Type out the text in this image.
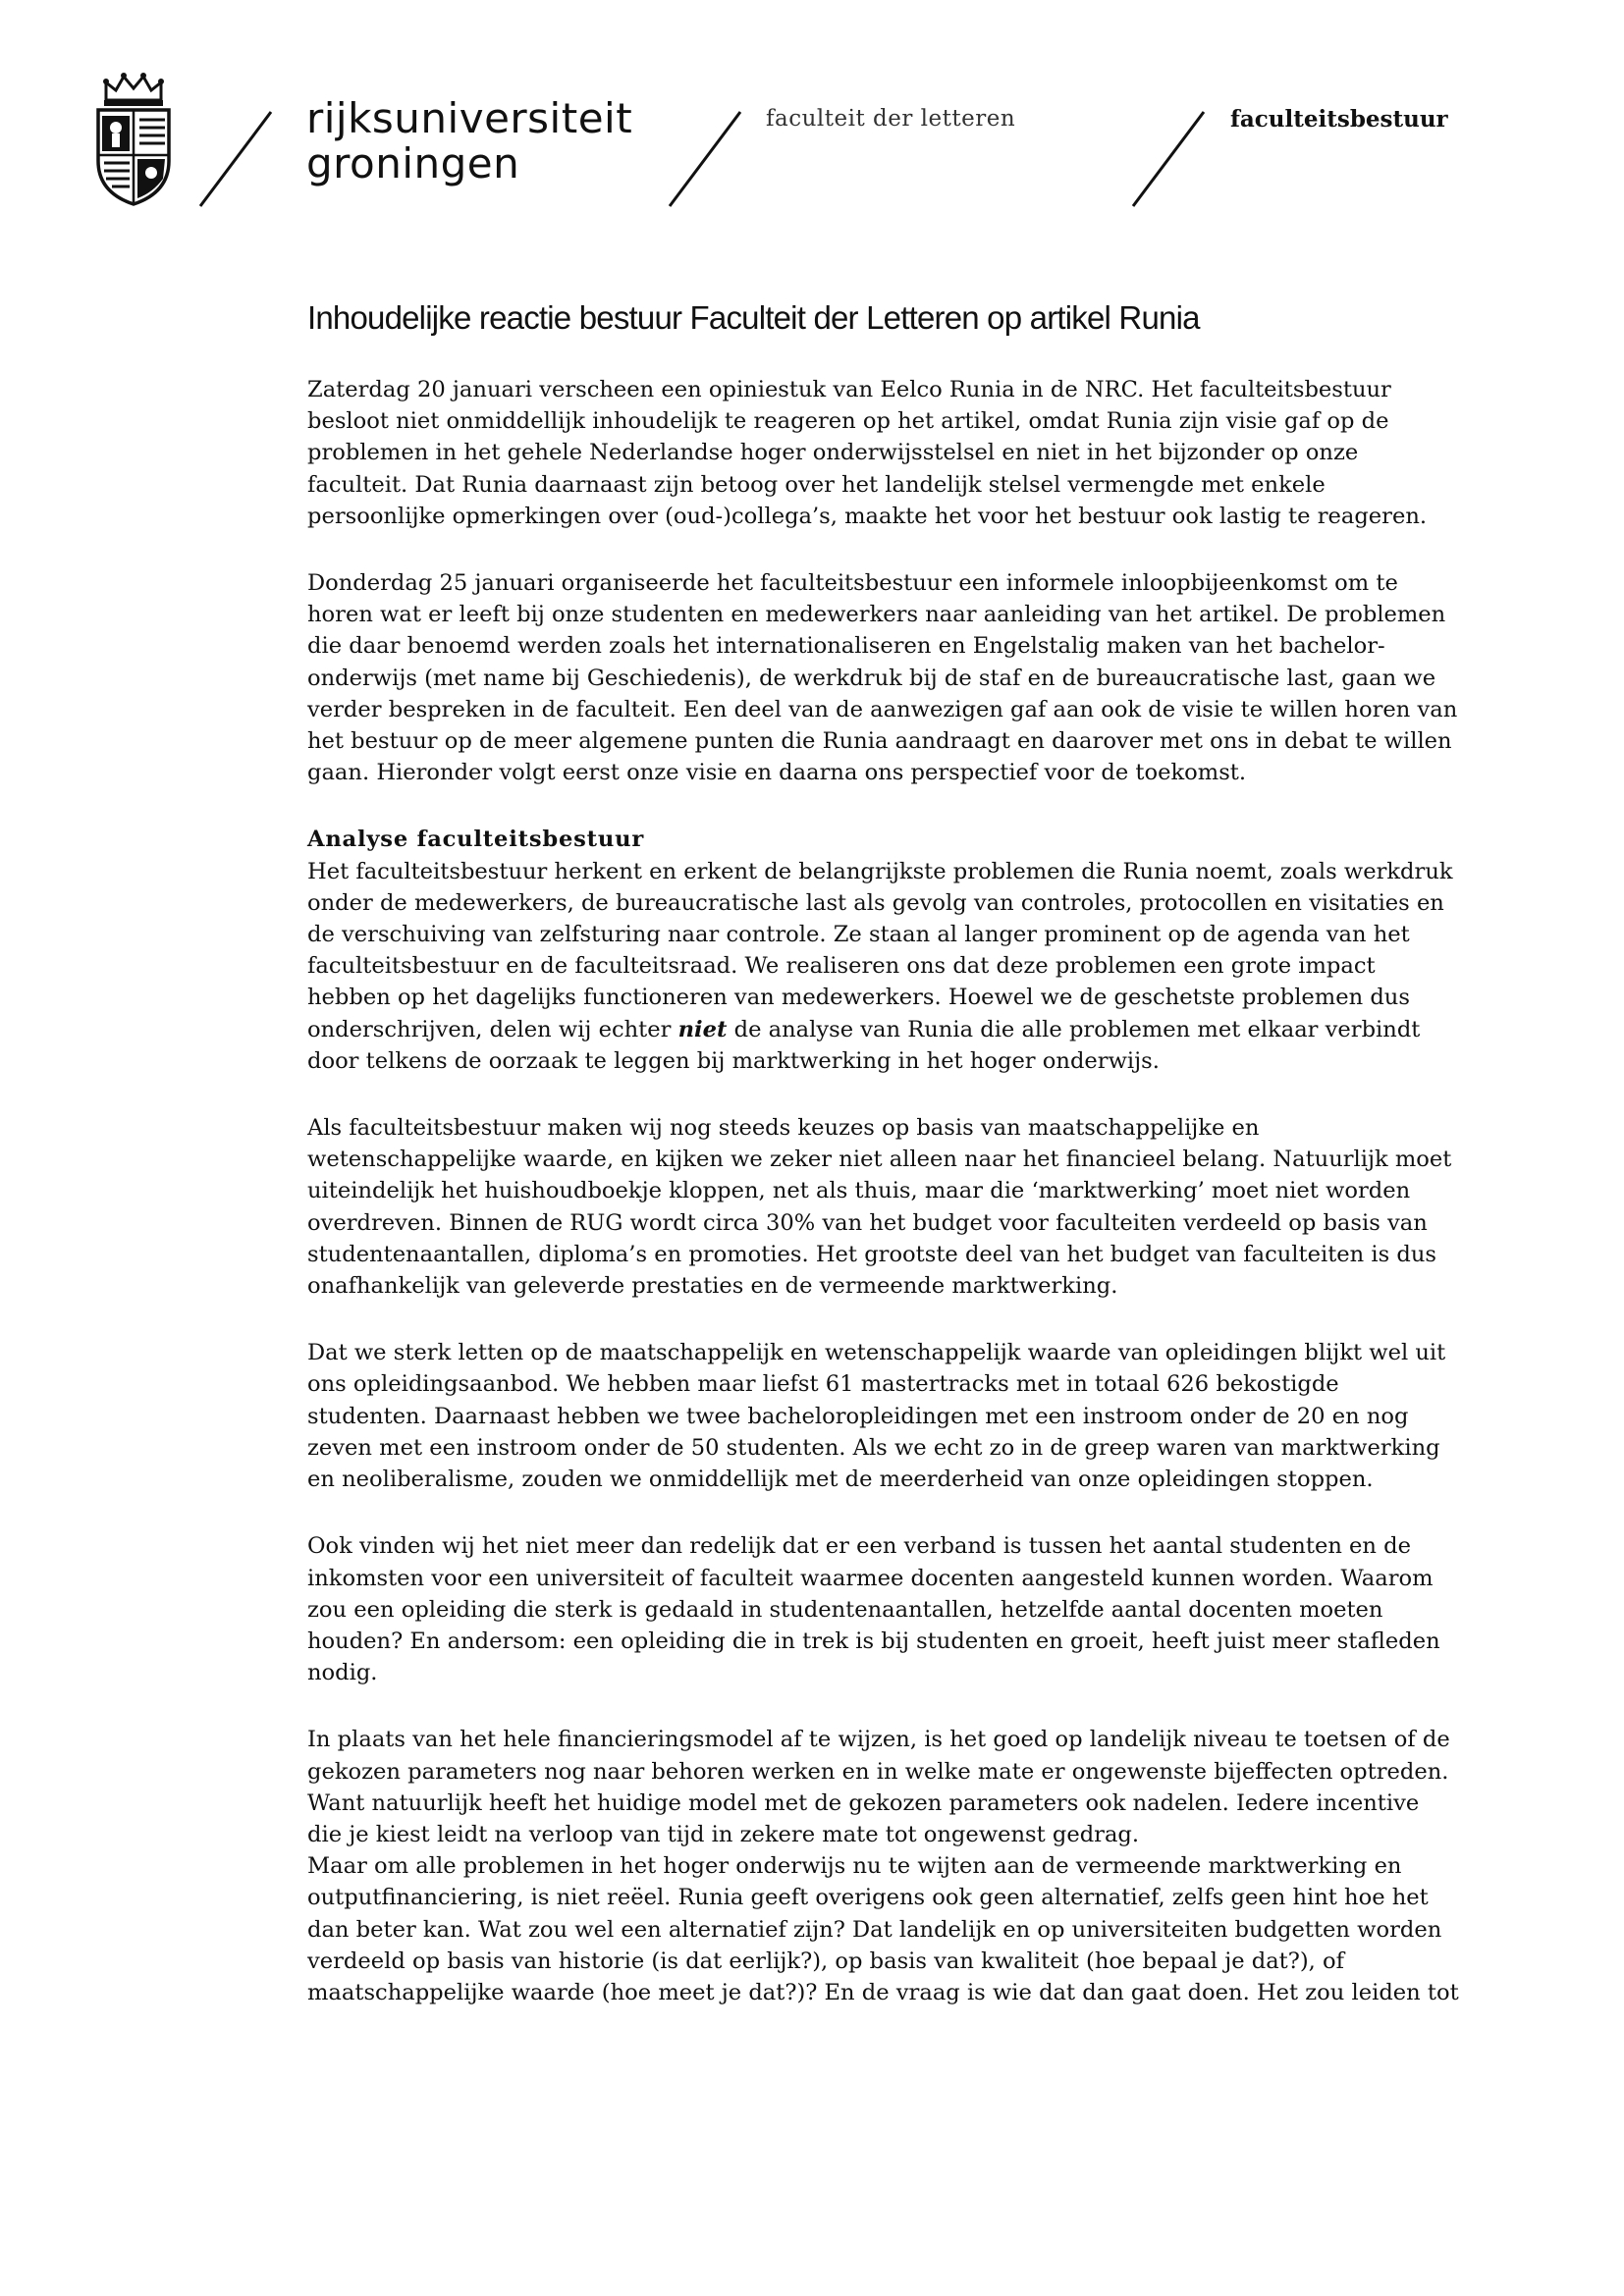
rijksuniversiteit
groningen
faculteit der letteren	faculteitsbestuur
Inhoudelijke reactie bestuur Faculteit der Letteren op artikel Runia

Zaterdag 20 januari verscheen een opiniestuk van Eelco Runia in de NRC. Het faculteitsbestuur
besloot niet onmiddellijk inhoudelijk te reageren op het artikel, omdat Runia zijn visie gaf op de
problemen in het gehele Nederlandse hoger onderwijsstelsel en niet in het bijzonder op onze
faculteit. Dat Runia daarnaast zijn betoog over het landelijk stelsel vermengde met enkele
persoonlijke opmerkingen over (oud-)collega’s, maakte het voor het bestuur ook lastig te reageren.

Donderdag 25 januari organiseerde het faculteitsbestuur een informele inloopbijeenkomst om te
horen wat er leeft bij onze studenten en medewerkers naar aanleiding van het artikel. De problemen
die daar benoemd werden zoals het internationaliseren en Engelstalig maken van het bachelor-
onderwijs (met name bij Geschiedenis), de werkdruk bij de staf en de bureaucratische last, gaan we
verder bespreken in de faculteit. Een deel van de aanwezigen gaf aan ook de visie te willen horen van
het bestuur op de meer algemene punten die Runia aandraagt en daarover met ons in debat te willen
gaan. Hieronder volgt eerst onze visie en daarna ons perspectief voor de toekomst.

Analyse faculteitsbestuur
Het faculteitsbestuur herkent en erkent de belangrijkste problemen die Runia noemt, zoals werkdruk
onder de medewerkers, de bureaucratische last als gevolg van controles, protocollen en visitaties en
de verschuiving van zelfsturing naar controle. Ze staan al langer prominent op de agenda van het
faculteitsbestuur en de faculteitsraad. We realiseren ons dat deze problemen een grote impact
hebben op het dagelijks functioneren van medewerkers. Hoewel we de geschetste problemen dus
onderschrijven, delen wij echter niet de analyse van Runia die alle problemen met elkaar verbindt
door telkens de oorzaak te leggen bij marktwerking in het hoger onderwijs.

Als faculteitsbestuur maken wij nog steeds keuzes op basis van maatschappelijke en
wetenschappelijke waarde, en kijken we zeker niet alleen naar het financieel belang. Natuurlijk moet
uiteindelijk het huishoudboekje kloppen, net als thuis, maar die ‘marktwerking’ moet niet worden
overdreven. Binnen de RUG wordt circa 30% van het budget voor faculteiten verdeeld op basis van
studentenaantallen, diploma’s en promoties. Het grootste deel van het budget van faculteiten is dus
onafhankelijk van geleverde prestaties en de vermeende marktwerking.

Dat we sterk letten op de maatschappelijk en wetenschappelijk waarde van opleidingen blijkt wel uit
ons opleidingsaanbod. We hebben maar liefst 61 mastertracks met in totaal 626 bekostigde
studenten. Daarnaast hebben we twee bacheloropleidingen met een instroom onder de 20 en nog
zeven met een instroom onder de 50 studenten. Als we echt zo in de greep waren van marktwerking
en neoliberalisme, zouden we onmiddellijk met de meerderheid van onze opleidingen stoppen.

Ook vinden wij het niet meer dan redelijk dat er een verband is tussen het aantal studenten en de
inkomsten voor een universiteit of faculteit waarmee docenten aangesteld kunnen worden. Waarom
zou een opleiding die sterk is gedaald in studentenaantallen, hetzelfde aantal docenten moeten
houden? En andersom: een opleiding die in trek is bij studenten en groeit, heeft juist meer stafleden
nodig.

In plaats van het hele financieringsmodel af te wijzen, is het goed op landelijk niveau te toetsen of de
gekozen parameters nog naar behoren werken en in welke mate er ongewenste bijeffecten optreden.
Want natuurlijk heeft het huidige model met de gekozen parameters ook nadelen. Iedere incentive
die je kiest leidt na verloop van tijd in zekere mate tot ongewenst gedrag.
Maar om alle problemen in het hoger onderwijs nu te wijten aan de vermeende marktwerking en
outputfinanciering, is niet reëel. Runia geeft overigens ook geen alternatief, zelfs geen hint hoe het
dan beter kan. Wat zou wel een alternatief zijn? Dat landelijk en op universiteiten budgetten worden
verdeeld op basis van historie (is dat eerlijk?), op basis van kwaliteit (hoe bepaal je dat?), of
maatschappelijke waarde (hoe meet je dat?)? En de vraag is wie dat dan gaat doen. Het zou leiden tot
